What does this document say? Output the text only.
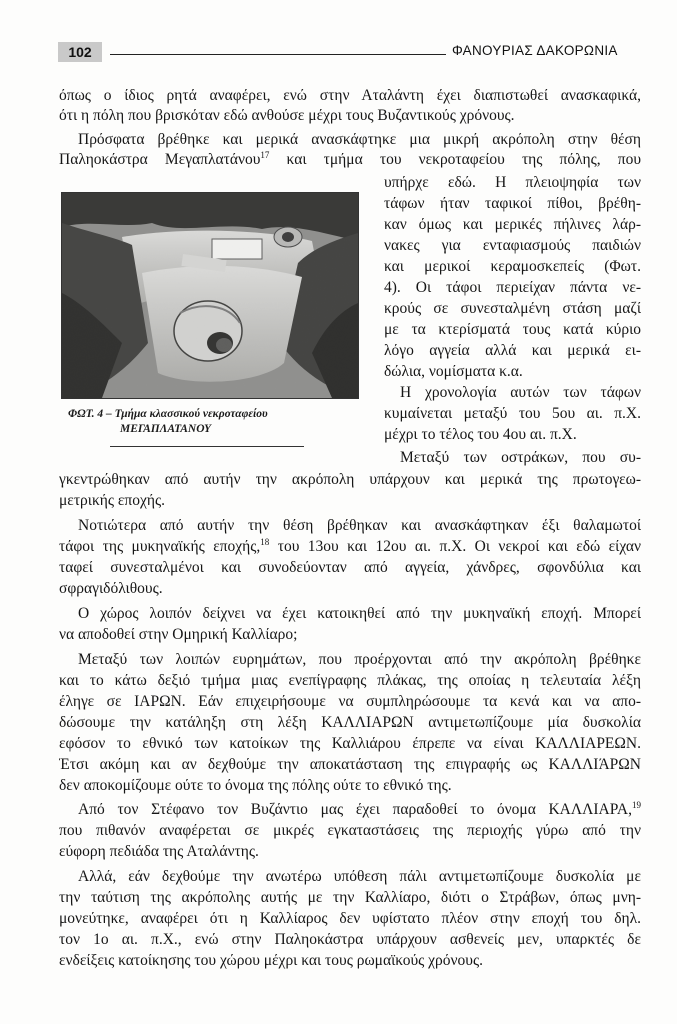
102	ΦΑΝΟΥΡΙΑΣ ΔΑΚΟΡΩΝΙΑ
όπως ο ίδιος ρητά αναφέρει, ενώ στην Αταλάντη έχει διαπιστωθεί ανασκαφικά,
ότι η πόλη που βρισκόταν εδώ ανθούσε μέχρι τους Βυζαντικούς χρόνους.
Πρόσφατα βρέθηκε και μερικά ανασκάφτηκε μια μικρή ακρόπολη στην θέση
Παληοκάστρα Μεγαπλατάνου$^{17}$ και τμήμα του νεκροταφείου της πόλης, που
υπήρχε εδώ. Η πλειοψηφία των
τάφων ήταν ταφικοί πίθοι, βρέθη-
καν όμως και μερικές πήλινες λάρ-
νακες για ενταφιασμούς παιδιών
και μερικοί κεραμοσκεπείς (Φωτ.
4). Οι τάφοι περιείχαν πάντα νε-
κρούς σε συνεσταλμένη στάση μαζί
με τα κτερίσματά τους κατά κύριο
λόγο αγγεία αλλά και μερικά ει-
δώλια, νομίσματα κ.α.
Η χρονολογία αυτών των τάφων
κυμαίνεται μεταξύ του 5ου αι. π.Χ.
μέχρι το τέλος του 4ου αι. π.Χ.
Μεταξύ των οστράκων, που συ-
ΦΩΤ. 4 – Τμήμα κλασσικού νεκροταφείου
ΜΕΓΑΠΛΑΤΑΝΟΥ
γκεντρώθηκαν από αυτήν την ακρόπολη υπάρχουν και μερικά της πρωτογεω-
μετρικής εποχής.
Νοτιώτερα από αυτήν την θέση βρέθηκαν και ανασκάφτηκαν έξι θαλαμωτοί
τάφοι της μυκηναϊκής εποχής,$^{18}$ του 13ου και 12ου αι. π.Χ. Οι νεκροί και εδώ είχαν
ταφεί συνεσταλμένοι και συνοδεύονταν από αγγεία, χάνδρες, σφονδύλια και
σφραγιδόλιθους.
Ο χώρος λοιπόν δείχνει να έχει κατοικηθεί από την μυκηναϊκή εποχή. Μπορεί
να αποδοθεί στην Ομηρική Καλλίαρο;
Μεταξύ των λοιπών ευρημάτων, που προέρχονται από την ακρόπολη βρέθηκε
και το κάτω δεξιό τμήμα μιας ενεπίγραφης πλάκας, της οποίας η τελευταία λέξη
έληγε σε ΙΑΡΩΝ. Εάν επιχειρήσουμε να συμπληρώσουμε τα κενά και να απο-
δώσουμε την κατάληξη στη λέξη ΚΑΛΛΙΑΡΩΝ αντιμετωπίζουμε μία δυσκολία
εφόσον το εθνικό των κατοίκων της Καλλιάρου έπρεπε να είναι ΚΑΛΛΙΑΡΕΩΝ.
Έτσι ακόμη και αν δεχθούμε την αποκατάσταση της επιγραφής ως ΚΑΛΛΙΆΡΩΝ
δεν αποκομίζουμε ούτε το όνομα της πόλης ούτε το εθνικό της.
Από τον Στέφανο τον Βυζάντιο μας έχει παραδοθεί το όνομα ΚΑΛΛΙΑΡΑ,$^{19}$
που πιθανόν αναφέρεται σε μικρές εγκαταστάσεις της περιοχής γύρω από την
εύφορη πεδιάδα της Αταλάντης.
Αλλά, εάν δεχθούμε την ανωτέρω υπόθεση πάλι αντιμετωπίζουμε δυσκολία με
την ταύτιση της ακρόπολης αυτής με την Καλλίαρο, διότι ο Στράβων, όπως μνη-
μονεύτηκε, αναφέρει ότι η Καλλίαρος δεν υφίστατο πλέον στην εποχή του δηλ.
τον 1ο αι. π.Χ., ενώ στην Παληοκάστρα υπάρχουν ασθενείς μεν, υπαρκτές δε
ενδείξεις κατοίκησης του χώρου μέχρι και τους ρωμαϊκούς χρόνους.
